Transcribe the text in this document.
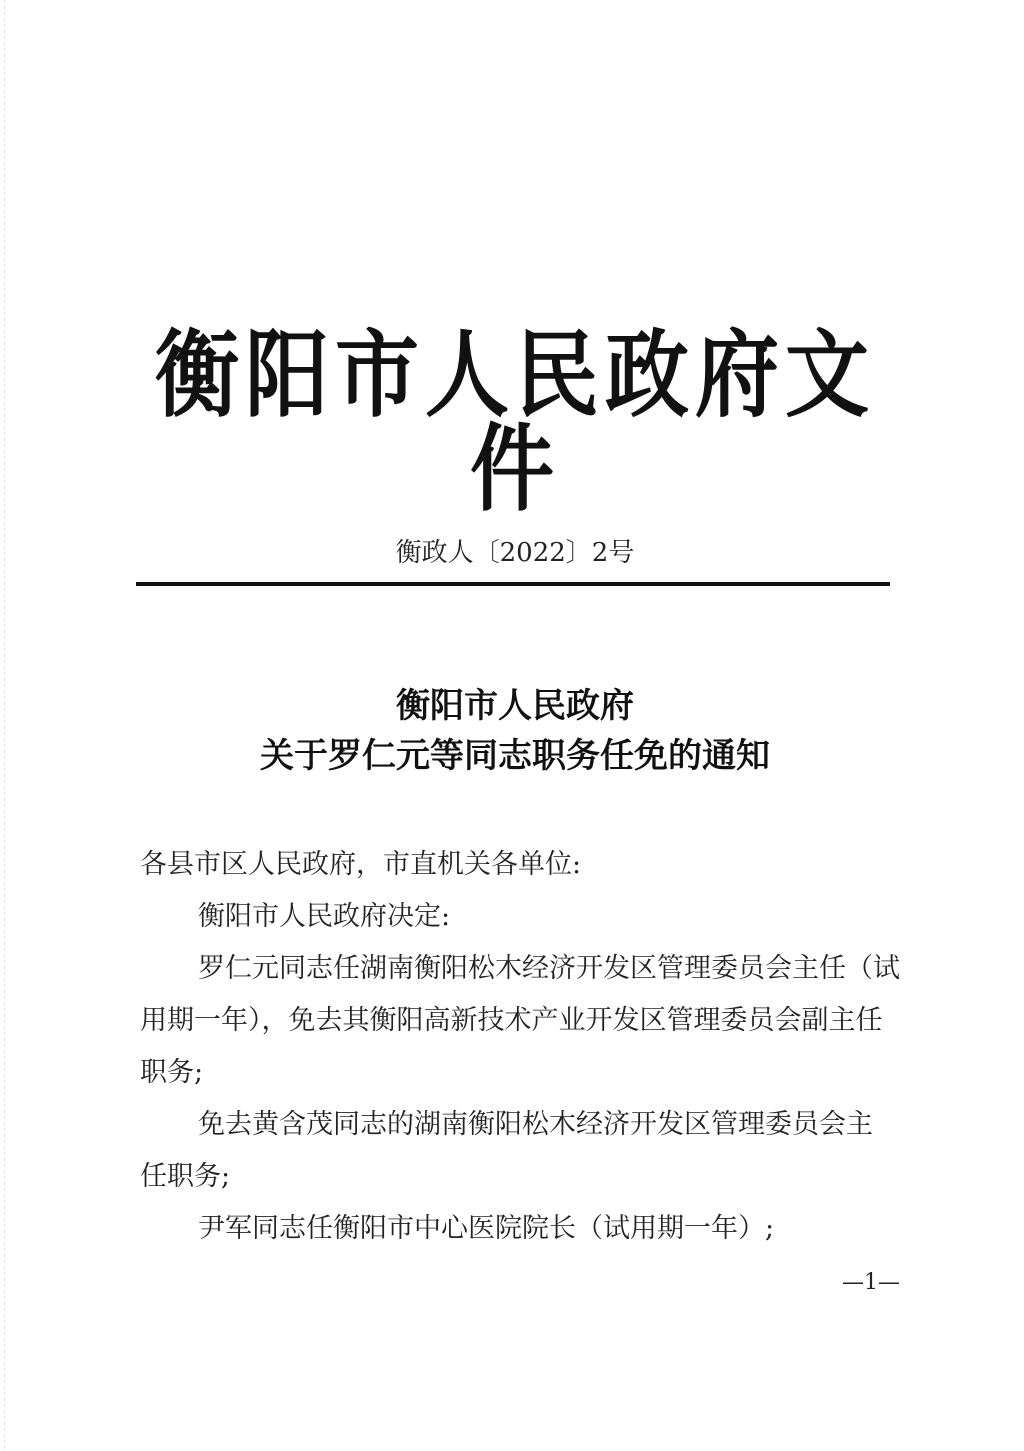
衡阳市人民政府文件
衡政人〔2022〕2号
衡阳市人民政府
关于罗仁元等同志职务任免的通知
各县市区人民政府，市直机关各单位:
衡阳市人民政府决定:
罗仁元同志任湖南衡阳松木经济开发区管理委员会主任（试
用期一年），免去其衡阳高新技术产业开发区管理委员会副主任
职务;
免去黄含茂同志的湖南衡阳松木经济开发区管理委员会主
任职务;
尹军同志任衡阳市中心医院院长（试用期一年）;
—1—
